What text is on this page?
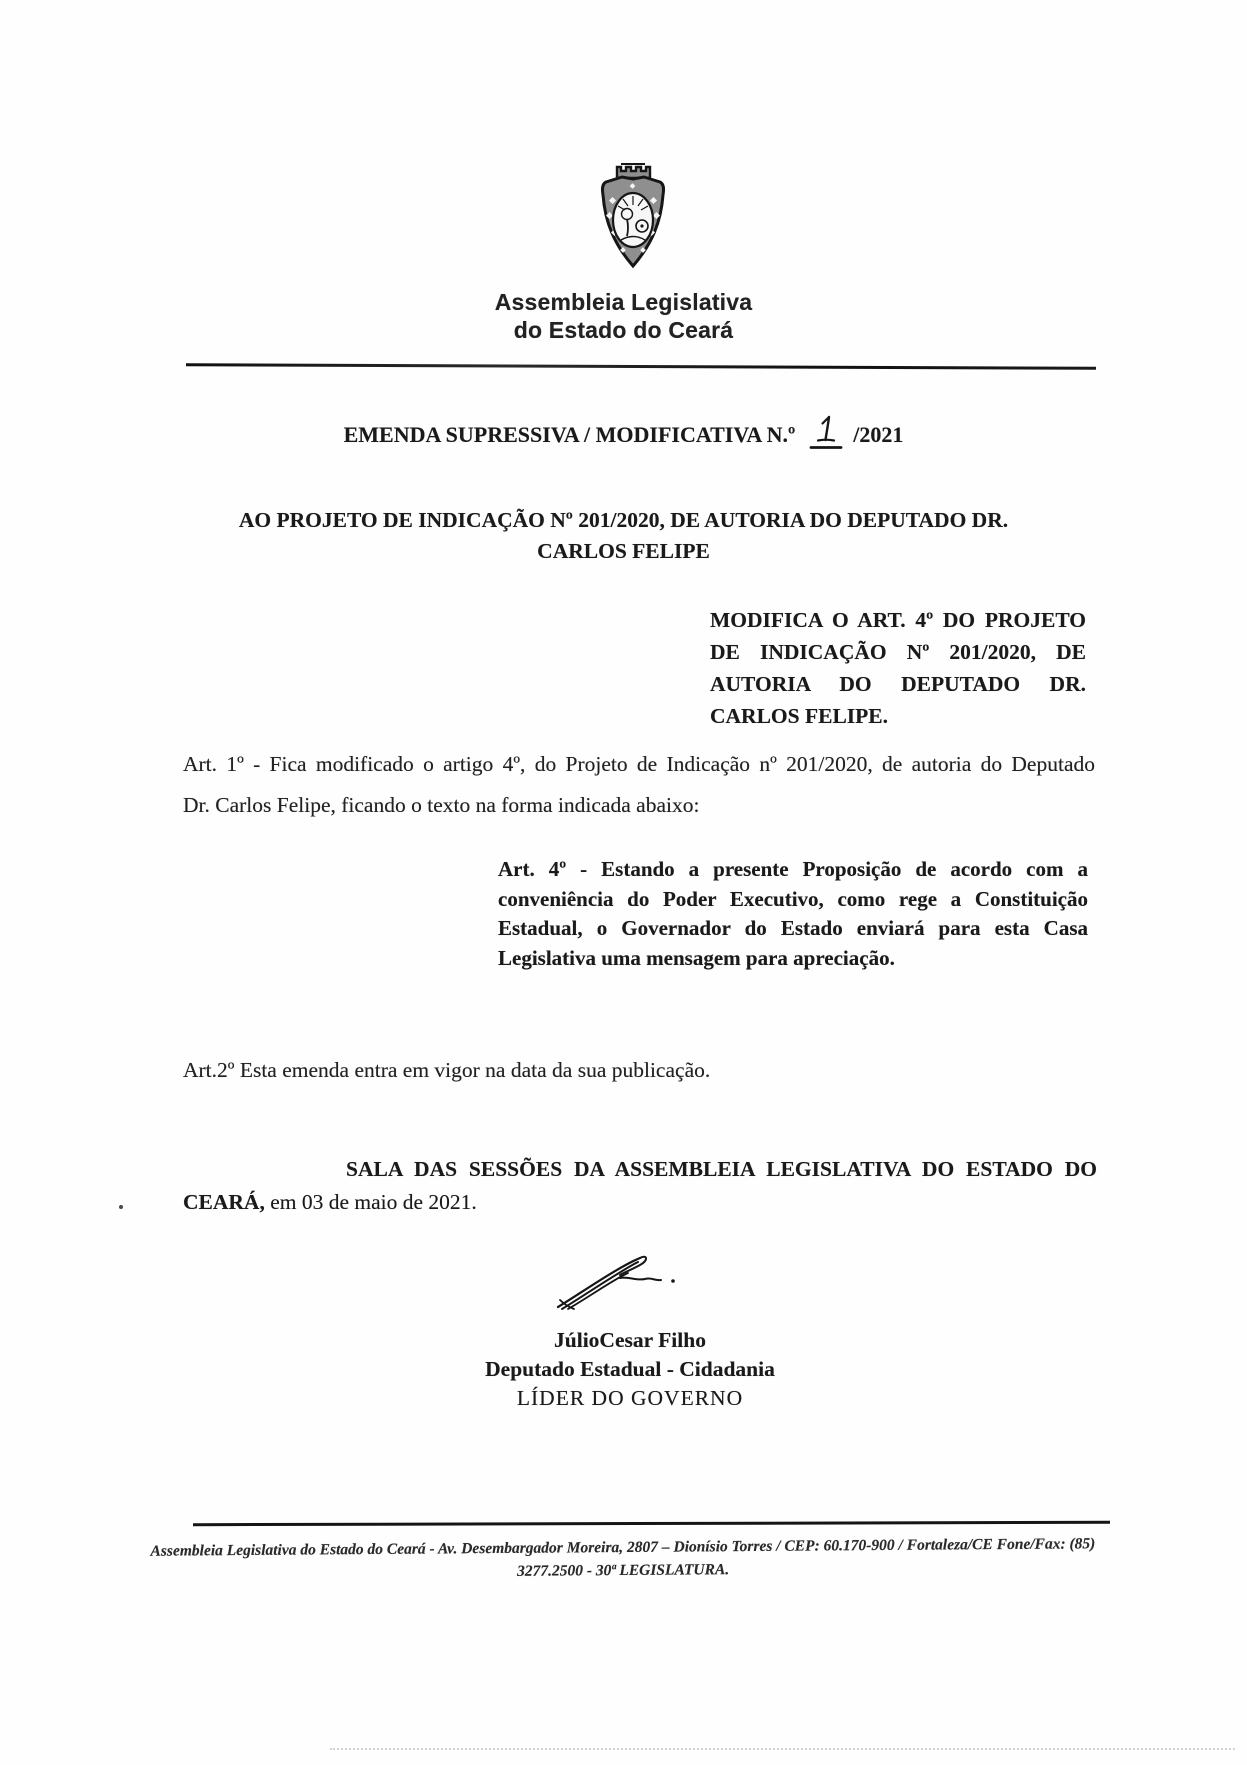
Assembleia Legislativa
do Estado do Ceará
EMENDA SUPRESSIVA / MODIFICATIVA N.º	/2021
AO PROJETO DE INDICAÇÃO Nº 201/2020, DE AUTORIA DO DEPUTADO DR.
CARLOS FELIPE
MODIFICA O ART. 4º DO PROJETO
DE INDICAÇÃO Nº 201/2020, DE
AUTORIA DO DEPUTADO DR.
CARLOS FELIPE.
Art. 1º - Fica modificado o artigo 4º, do Projeto de Indicação nº 201/2020, de autoria do Deputado
Dr. Carlos Felipe, ficando o texto na forma indicada abaixo:
Art. 4º - Estando a presente Proposição de acordo com a
conveniência do Poder Executivo, como rege a Constituição
Estadual, o Governador do Estado enviará para esta Casa
Legislativa uma mensagem para apreciação.
Art.2º Esta emenda entra em vigor na data da sua publicação.
SALA DAS SESSÕES DA ASSEMBLEIA LEGISLATIVA DO ESTADO DO
CEARÁ, em 03 de maio de 2021.
JúlioCesar Filho
Deputado Estadual - Cidadania
LÍDER DO GOVERNO
Assembleia Legislativa do Estado do Ceará - Av. Desembargador Moreira, 2807 – Dionísio Torres / CEP: 60.170-900 / Fortaleza/CE Fone/Fax: (85)
3277.2500 - 30ª LEGISLATURA.
